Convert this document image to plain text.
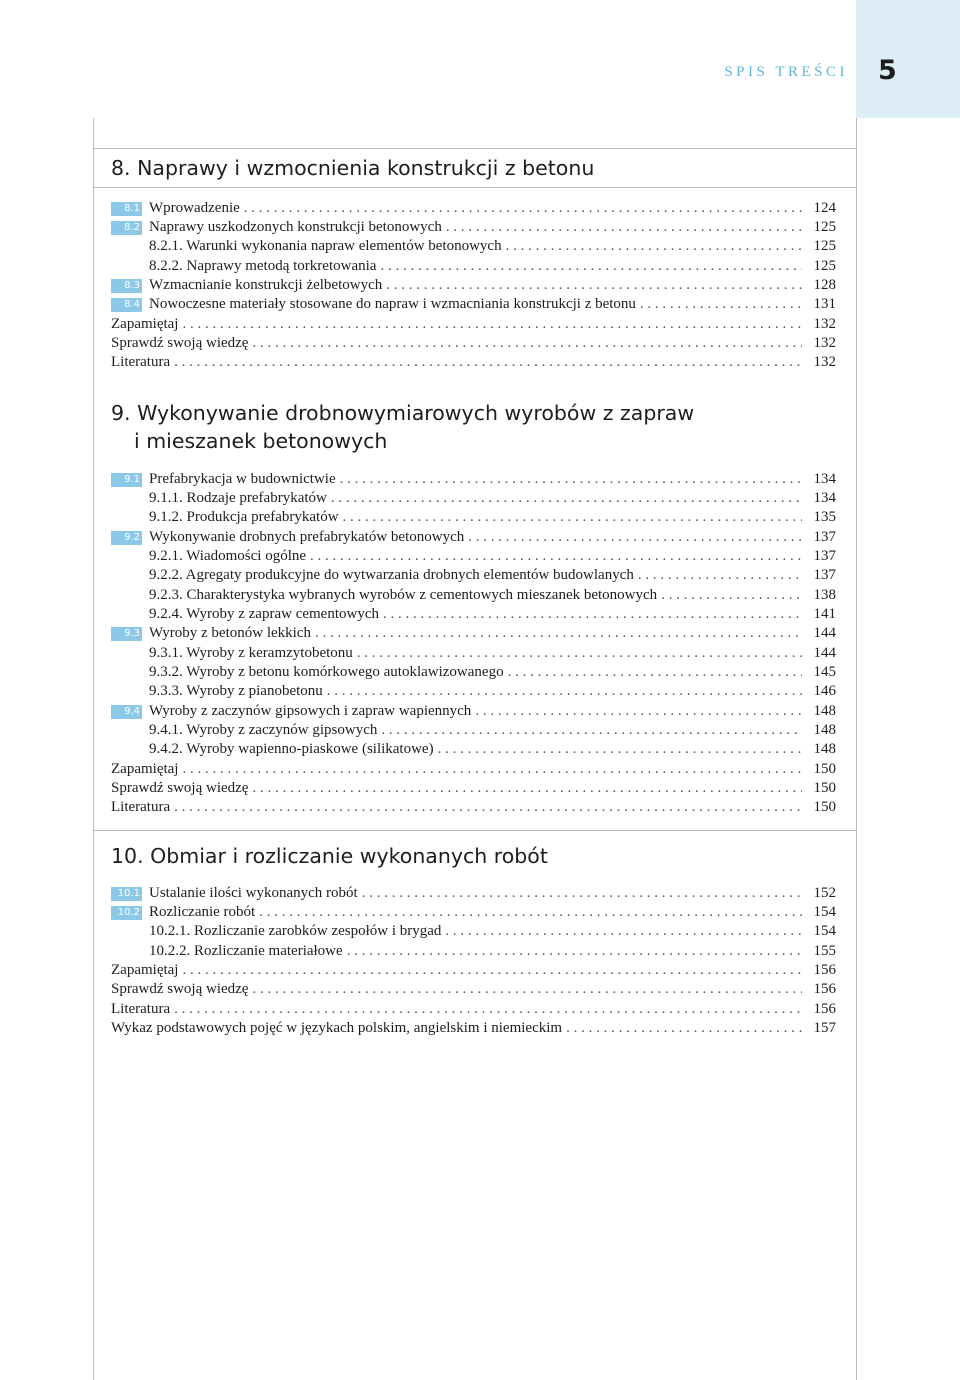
SPIS TREŚCI 5
8. Naprawy i wzmocnienia konstrukcji z betonu
8.1 Wprowadzenie . . .	124
8.2 Naprawy uszkodzonych konstrukcji betonowych . . .	125
8.2.1. Warunki wykonania napraw elementów betonowych . . .	125
8.2.2. Naprawy metodą torkretowania . . .	125
8.3 Wzmacnianie konstrukcji żelbetowych . . .	128
8.4 Nowoczesne materiały stosowane do napraw i wzmacniania konstrukcji z betonu . . .	131
Zapamiętaj . . .	132
Sprawdź swoją wiedzę . . .	132
Literatura . . .	132
9. Wykonywanie drobnowymiarowych wyrobów z zapraw
i mieszanek betonowych
9.1 Prefabrykacja w budownictwie . . .	134
9.1.1. Rodzaje prefabrykatów . . .	134
9.1.2. Produkcja prefabrykatów . . .	135
9.2 Wykonywanie drobnych prefabrykatów betonowych . . .	137
9.2.1. Wiadomości ogólne . . .	137
9.2.2. Agregaty produkcyjne do wytwarzania drobnych elementów budowlanych . . .	137
9.2.3. Charakterystyka wybranych wyrobów z cementowych mieszanek betonowych . . .	138
9.2.4. Wyroby z zapraw cementowych . . .	141
9.3 Wyroby z betonów lekkich . . .	144
9.3.1. Wyroby z keramzytobetonu . . .	144
9.3.2. Wyroby z betonu komórkowego autoklawizowanego . . .	145
9.3.3. Wyroby z pianobetonu . . .	146
9.4 Wyroby z zaczynów gipsowych i zapraw wapiennych . . .	148
9.4.1. Wyroby z zaczynów gipsowych . . .	148
9.4.2. Wyroby wapienno-piaskowe (silikatowe) . . .	148
Zapamiętaj . . .	150
Sprawdź swoją wiedzę . . .	150
Literatura . . .	150
10. Obmiar i rozliczanie wykonanych robót
10.1 Ustalanie ilości wykonanych robót . . .	152
10.2 Rozliczanie robót . . .	154
10.2.1. Rozliczanie zarobków zespołów i brygad . . .	154
10.2.2. Rozliczanie materiałowe . . .	155
Zapamiętaj . . .	156
Sprawdź swoją wiedzę . . .	156
Literatura . . .	156
Wykaz podstawowych pojęć w językach polskim, angielskim i niemieckim . . .	157
